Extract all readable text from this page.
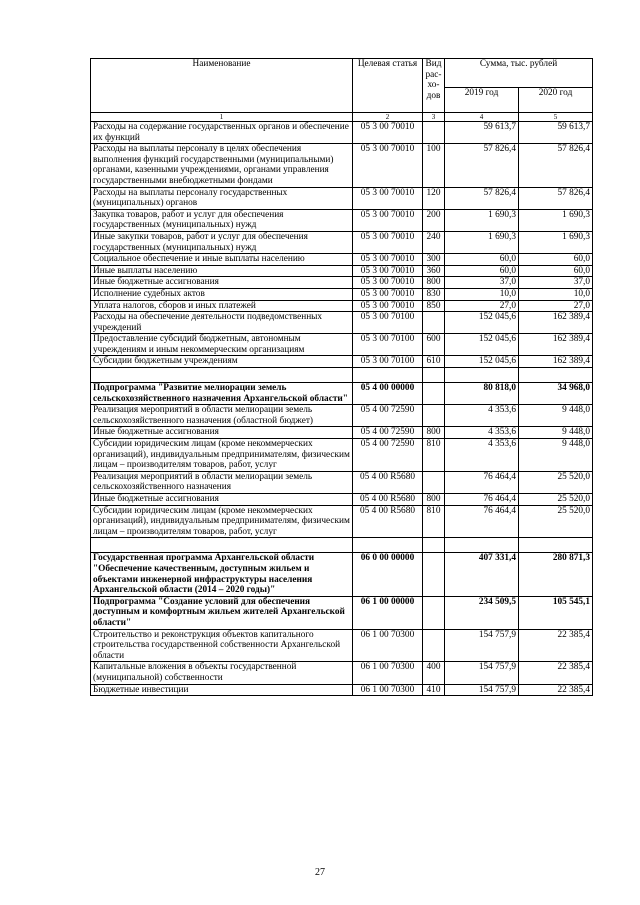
Наименование	Целевая статья	Вид рас-хо-дов	Сумма, тыс. рублей	
			2019 год	2020 год
1	2	3	4	5
Расходы на содержание государственных органов и обеспечение их функций	05 3 00 70010		59 613,7	59 613,7
Расходы на выплаты персоналу в целях обеспечения выполнения функций государственными (муниципальными) органами, казенными учреждениями, органами управления государственными внебюджетными фондами	05 3 00 70010	100	57 826,4	57 826,4
Расходы на выплаты персоналу государственных (муниципальных) органов	05 3 00 70010	120	57 826,4	57 826,4
Закупка товаров, работ и услуг для обеспечения государственных (муниципальных) нужд	05 3 00 70010	200	1 690,3	1 690,3
Иные закупки товаров, работ и услуг для обеспечения государственных (муниципальных) нужд	05 3 00 70010	240	1 690,3	1 690,3
Социальное обеспечение и иные выплаты населению	05 3 00 70010	300	60,0	60,0
Иные выплаты населению	05 3 00 70010	360	60,0	60,0
Иные бюджетные ассигнования	05 3 00 70010	800	37,0	37,0
Исполнение судебных актов	05 3 00 70010	830	10,0	10,0
Уплата налогов, сборов и иных платежей	05 3 00 70010	850	27,0	27,0
Расходы на обеспечение деятельности подведомственных учреждений	05 3 00 70100		152 045,6	162 389,4
Предоставление субсидий бюджетным, автономным учреждениям и иным некоммерческим организациям	05 3 00 70100	600	152 045,6	162 389,4
Субсидии бюджетным учреждениям	05 3 00 70100	610	152 045,6	162 389,4

Подпрограмма "Развитие мелиорации земель сельскохозяйственного назначения Архангельской области"	05 4 00 00000		80 818,0	34 968,0
Реализация мероприятий в области мелиорации земель сельскохозяйственного назначения (областной бюджет)	05 4 00 72590		4 353,6	9 448,0
Иные бюджетные ассигнования	05 4 00 72590	800	4 353,6	9 448,0
Субсидии юридическим лицам (кроме некоммерческих организаций), индивидуальным предпринимателям, физическим лицам – производителям товаров, работ, услуг	05 4 00 72590	810	4 353,6	9 448,0
Реализация мероприятий в области мелиорации земель сельскохозяйственного назначения	05 4 00 R5680		76 464,4	25 520,0
Иные бюджетные ассигнования	05 4 00 R5680	800	76 464,4	25 520,0
Субсидии юридическим лицам (кроме некоммерческих организаций), индивидуальным предпринимателям, физическим лицам – производителям товаров, работ, услуг	05 4 00 R5680	810	76 464,4	25 520,0

Государственная программа Архангельской области "Обеспечение качественным, доступным жильем и объектами инженерной инфраструктуры населения Архангельской области (2014 – 2020 годы)"	06 0 00 00000		407 331,4	280 871,3
Подпрограмма "Создание условий для обеспечения доступным и комфортным жильем жителей Архангельской области"	06 1 00 00000		234 509,5	105 545,1
Строительство и реконструкция объектов капитального строительства государственной собственности Архангельской области	06 1 00 70300		154 757,9	22 385,4
Капитальные вложения в объекты государственной (муниципальной) собственности	06 1 00 70300	400	154 757,9	22 385,4
Бюджетные инвестиции	06 1 00 70300	410	154 757,9	22 385,4
27
